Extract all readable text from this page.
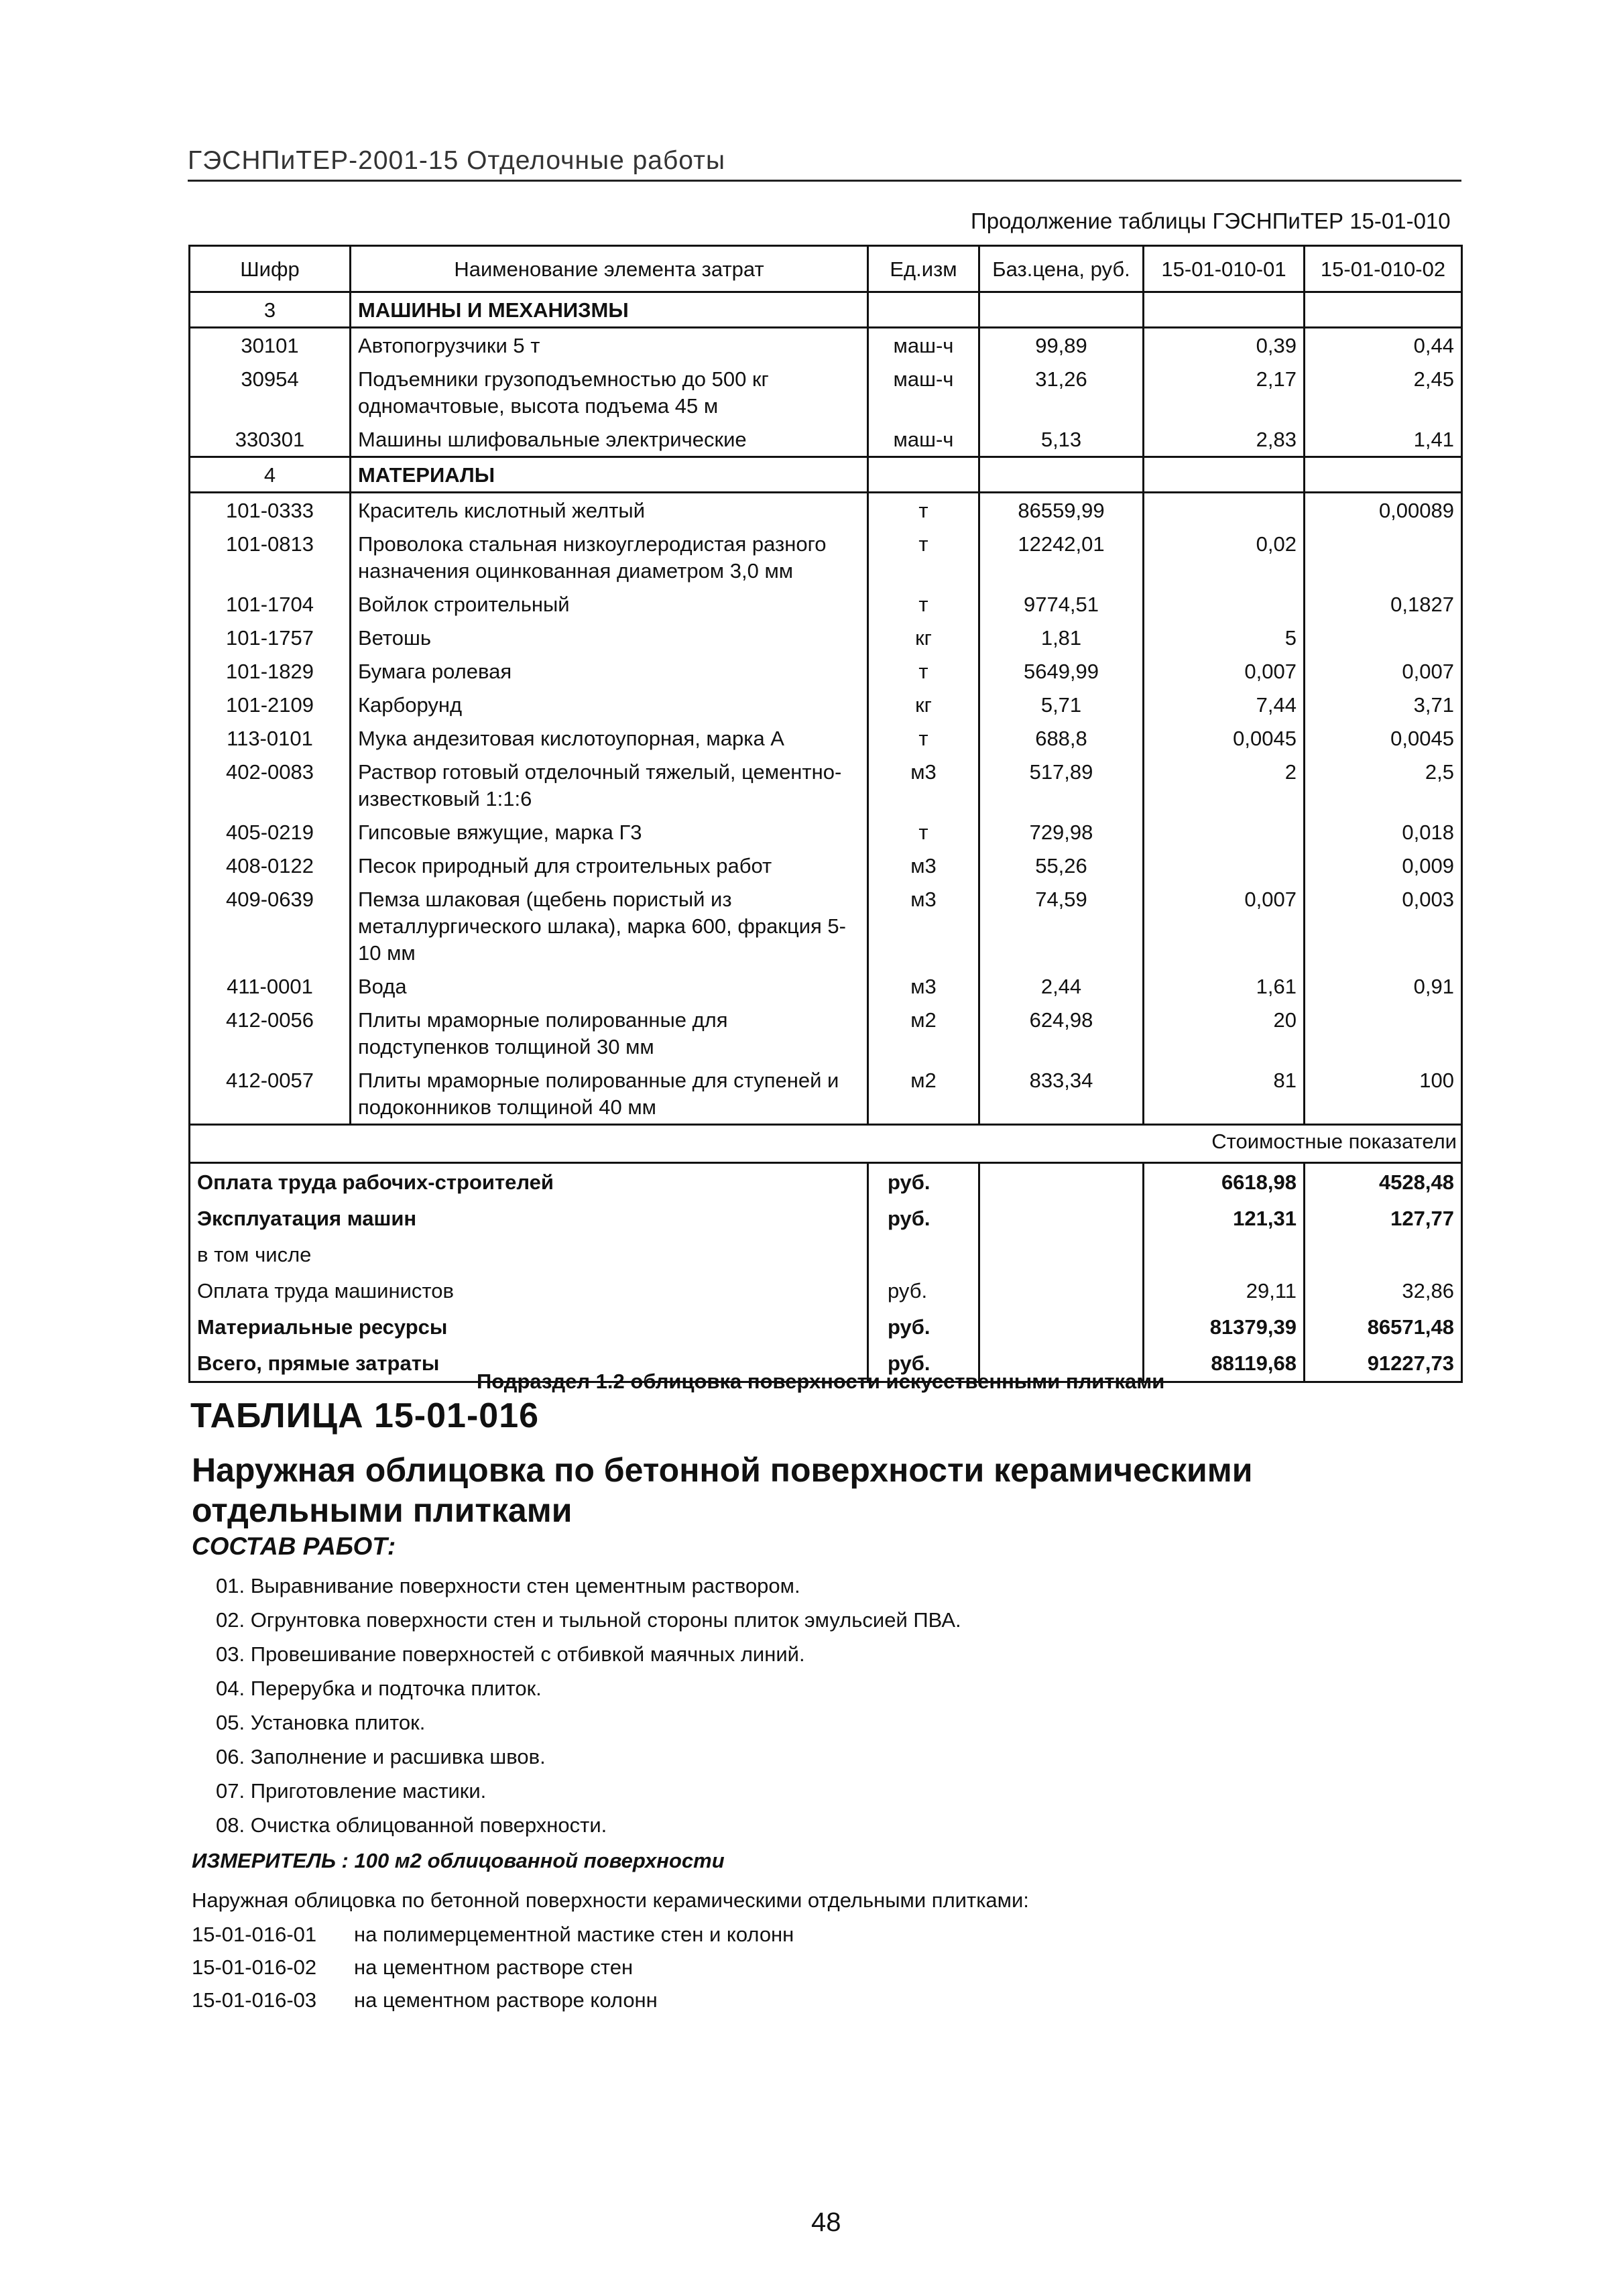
ГЭСНПиТЕР-2001-15 Отделочные работы
Продолжение таблицы ГЭСНПиТЕР 15-01-010
Шифр	Наименование элемента затрат	Ед.изм	Баз.цена, руб.	15-01-010-01	15-01-010-02
3	МАШИНЫ И МЕХАНИЗМЫ				
30101	Автопогрузчики 5 т	маш-ч	99,89	0,39	0,44
30954	Подъемники грузоподъемностью до 500 кг одномачтовые, высота подъема 45 м	маш-ч	31,26	2,17	2,45
330301	Машины шлифовальные электрические	маш-ч	5,13	2,83	1,41
4	МАТЕРИАЛЫ				
101-0333	Краситель кислотный желтый	т	86559,99		0,00089
101-0813	Проволока стальная низкоуглеродистая разного назначения оцинкованная диаметром 3,0 мм	т	12242,01	0,02	
101-1704	Войлок строительный	т	9774,51		0,1827
101-1757	Ветошь	кг	1,81	5	
101-1829	Бумага ролевая	т	5649,99	0,007	0,007
101-2109	Карборунд	кг	5,71	7,44	3,71
113-0101	Мука андезитовая кислотоупорная, марка А	т	688,8	0,0045	0,0045
402-0083	Раствор готовый отделочный тяжелый, цементно-известковый 1:1:6	м3	517,89	2	2,5
405-0219	Гипсовые вяжущие, марка Г3	т	729,98		0,018
408-0122	Песок природный для строительных работ	м3	55,26		0,009
409-0639	Пемза шлаковая (щебень пористый из металлургического шлака), марка 600, фракция 5-10 мм	м3	74,59	0,007	0,003
411-0001	Вода	м3	2,44	1,61	0,91
412-0056	Плиты мраморные полированные для подступенков толщиной 30 мм	м2	624,98	20	
412-0057	Плиты мраморные полированные для ступеней и подоконников толщиной 40 мм	м2	833,34	81	100
Стоимостные показатели					
Оплата труда рабочих-строителей		руб.		6618,98	4528,48
Эксплуатация машин		руб.		121,31	127,77
в том числе					
Оплата труда машинистов		руб.		29,11	32,86
Материальные ресурсы		руб.		81379,39	86571,48
Всего, прямые затраты		руб.		88119,68	91227,73
Подраздел 1.2 облицовка поверхности искусственными плитками
ТАБЛИЦА 15-01-016
Наружная облицовка по бетонной поверхности керамическими отдельными плитками
СОСТАВ РАБОТ:
01. Выравнивание поверхности стен цементным раствором.
02. Огрунтовка поверхности стен и тыльной стороны плиток эмульсией ПВА.
03. Провешивание поверхностей с отбивкой маячных линий.
04. Перерубка и подточка плиток.
05. Установка плиток.
06. Заполнение и расшивка швов.
07. Приготовление мастики.
08. Очистка облицованной поверхности.
ИЗМЕРИТЕЛЬ : 100 м2 облицованной поверхности
Наружная облицовка по бетонной поверхности керамическими отдельными плитками:
15-01-016-01 на полимерцементной мастике стен и колонн
15-01-016-02 на цементном растворе стен
15-01-016-03 на цементном растворе колонн
48
